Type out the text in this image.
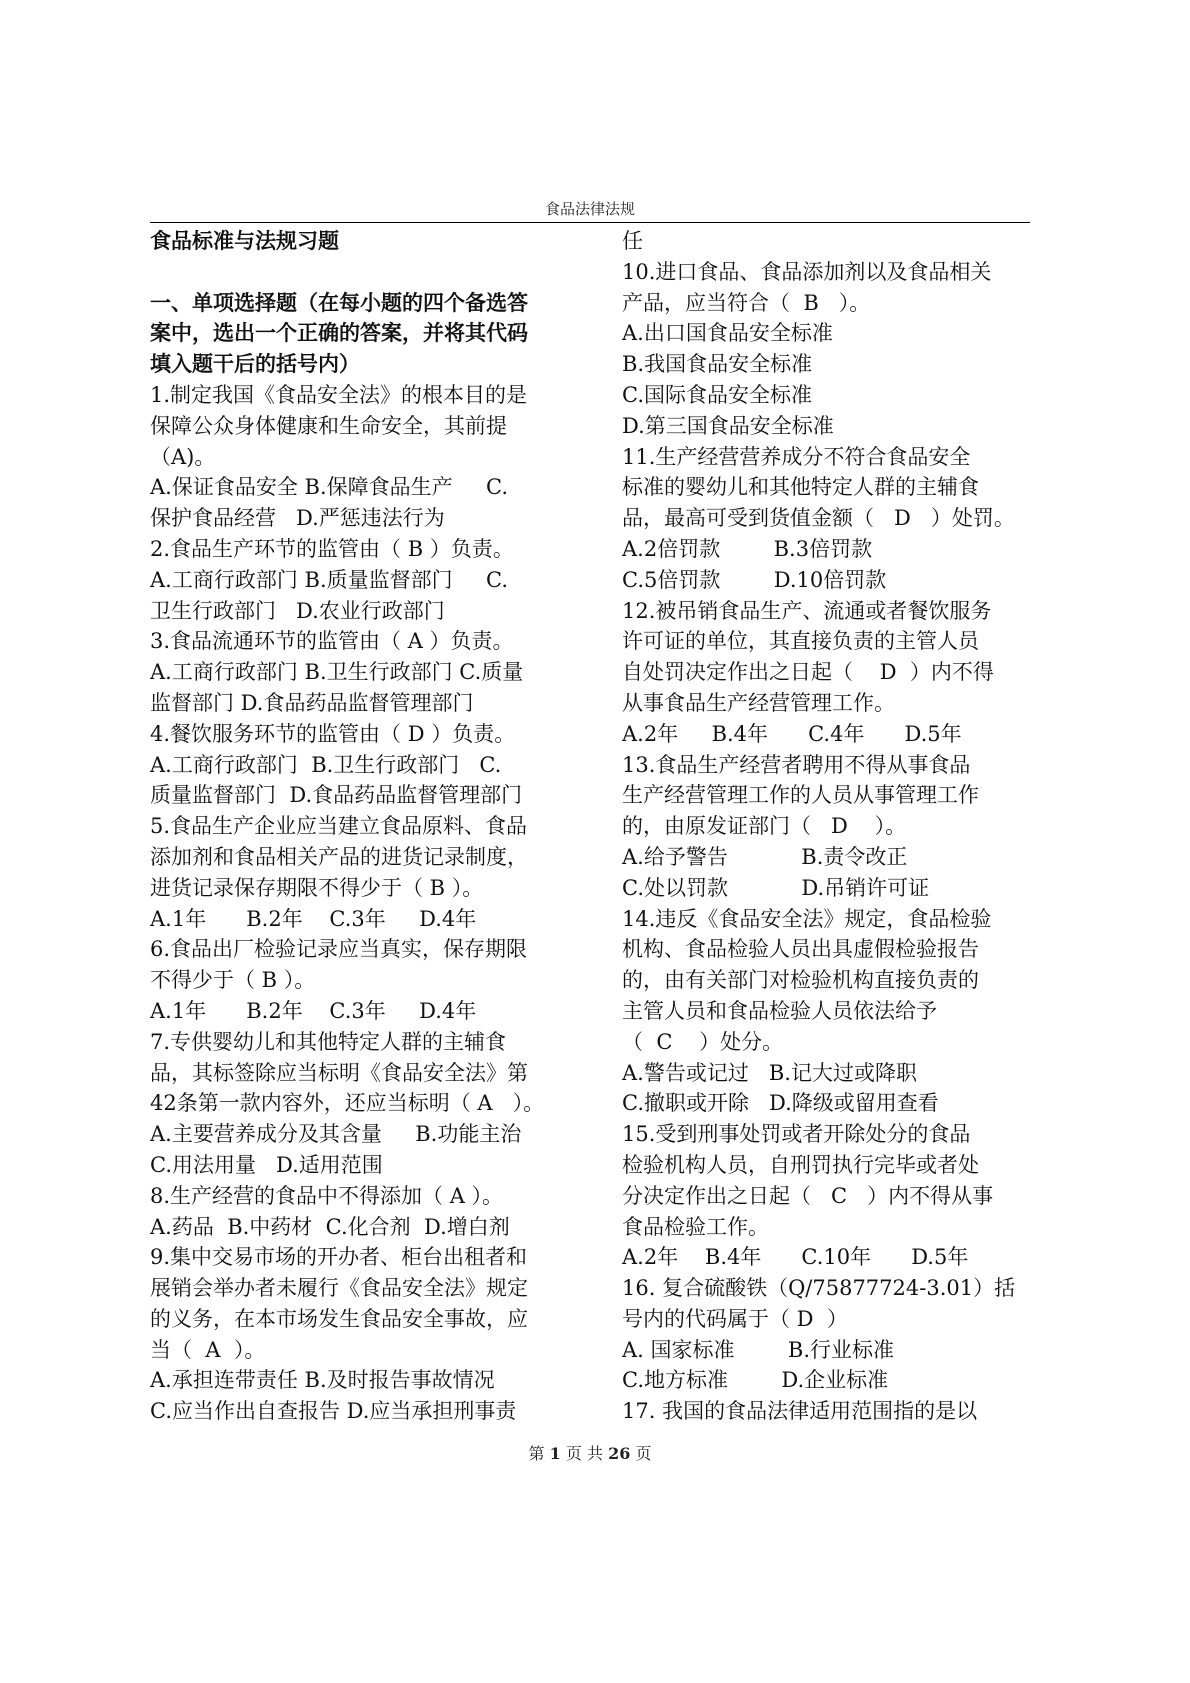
食品法律法规
食品标准与法规习题
一、单项选择题（在每小题的四个备选答
案中，选出一个正确的答案，并将其代码
填入题干后的括号内）
1.制定我国《食品安全法》的根本目的是
保障公众身体健康和生命安全，其前提
（A)。
A.保证食品安全 B.保障食品生产     C.
保护食品经营   D.严惩违法行为
2.食品生产环节的监管由（ B ）负责。
A.工商行政部门 B.质量监督部门     C.
卫生行政部门   D.农业行政部门
3.食品流通环节的监管由（ A ）负责。
A.工商行政部门 B.卫生行政部门 C.质量
监督部门 D.食品药品监督管理部门
4.餐饮服务环节的监管由（ D ）负责。
A.工商行政部门  B.卫生行政部门   C.
质量监督部门  D.食品药品监督管理部门
5.食品生产企业应当建立食品原料、食品
添加剂和食品相关产品的进货记录制度，
进货记录保存期限不得少于（ B ）。
A.1年      B.2年    C.3年     D.4年
6.食品出厂检验记录应当真实，保存期限
不得少于（ B ）。
A.1年      B.2年    C.3年     D.4年
7.专供婴幼儿和其他特定人群的主辅食
品，其标签除应当标明《食品安全法》第
42条第一款内容外，还应当标明（ A   ）。
A.主要营养成分及其含量     B.功能主治
C.用法用量   D.适用范围
8.生产经营的食品中不得添加（ A ）。
A.药品  B.中药材  C.化合剂  D.增白剂
9.集中交易市场的开办者、柜台出租者和
展销会举办者未履行《食品安全法》规定
的义务，在本市场发生食品安全事故，应
当（  A  ）。
A.承担连带责任 B.及时报告事故情况
C.应当作出自查报告 D.应当承担刑事责
任
10.进口食品、食品添加剂以及食品相关
产品，应当符合（  B   ）。
A.出口国食品安全标准
B.我国食品安全标准
C.国际食品安全标准
D.第三国食品安全标准
11.生产经营营养成分不符合食品安全
标准的婴幼儿和其他特定人群的主辅食
品，最高可受到货值金额（   D   ）处罚。
A.2倍罚款        B.3倍罚款
C.5倍罚款        D.10倍罚款
12.被吊销食品生产、流通或者餐饮服务
许可证的单位，其直接负责的主管人员
自处罚决定作出之日起（    D  ）内不得
从事食品生产经营管理工作。
A.2年     B.4年      C.4年      D.5年
13.食品生产经营者聘用不得从事食品
生产经营管理工作的人员从事管理工作
的，由原发证部门（   D    ）。
A.给予警告           B.责令改正
C.处以罚款           D.吊销许可证
14.违反《食品安全法》规定，食品检验
机构、食品检验人员出具虚假检验报告
的，由有关部门对检验机构直接负责的
主管人员和食品检验人员依法给予
（  C    ）处分。
A.警告或记过   B.记大过或降职
C.撤职或开除   D.降级或留用查看
15.受到刑事处罚或者开除处分的食品
检验机构人员，自刑罚执行完毕或者处
分决定作出之日起（   C   ）内不得从事
食品检验工作。
A.2年    B.4年      C.10年      D.5年
16. 复合硫酸铁（Q/75877724-3.01）括
号内的代码属于（ D  ）
A. 国家标准        B.行业标准
C.地方标准        D.企业标准
17. 我国的食品法律适用范围指的是以
第 1 页 共 26 页
